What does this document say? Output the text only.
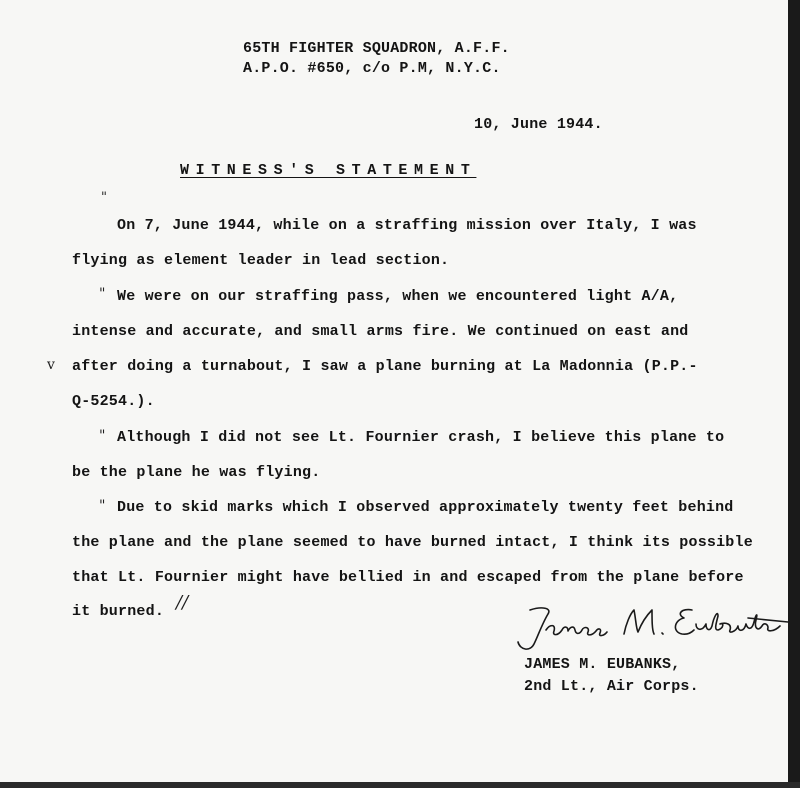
65TH FIGHTER SQUADRON, A.F.F.
A.P.O. #650, c/o P.M, N.Y.C.
10, June 1944.
WITNESS'S STATEMENT
"
On 7, June 1944, while on a straffing mission over Italy, I was
flying as element leader in lead section.
" We were on our straffing pass, when we encountered light A/A,
intense and accurate, and small arms fire. We continued on east and
v after doing a turnabout, I saw a plane burning at La Madonnia (P.P.-
Q-5254.).
" Although I did not see Lt. Fournier crash, I believe this plane to
be the plane he was flying.
" Due to skid marks which I observed approximately twenty feet behind
the plane and the plane seemed to have burned intact, I think its possible
that Lt. Fournier might have bellied in and escaped from the plane before
it burned. //
JAMES M. EUBANKS,
2nd Lt., Air Corps.
